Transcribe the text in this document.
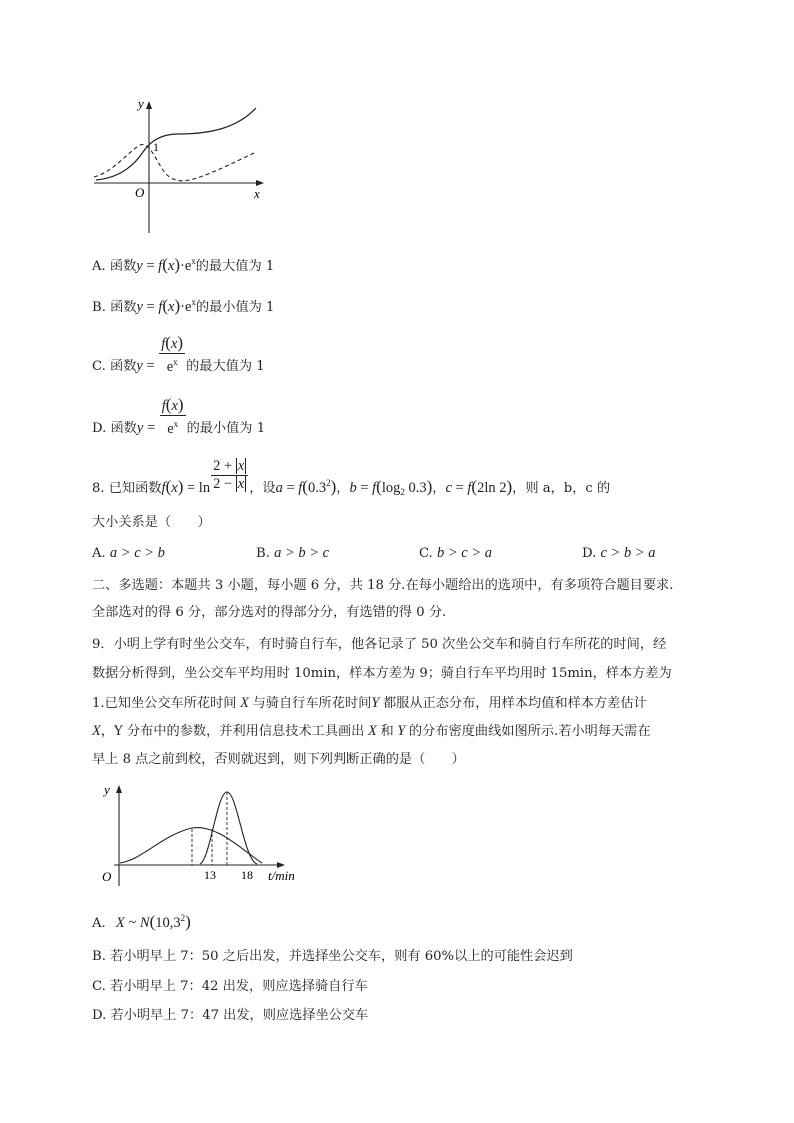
y
x
O
1
A. 函数$y = f(x)\cdot e^x$的最大值为 1
B. 函数$y = f(x)\cdot e^x$的最小值为 1
C. 函数$y = \frac{f(x)}{e^x}$ 的最大值为 1
D. 函数$y = \frac{f(x)}{e^x}$ 的最小值为 1
8. 已知函数$f(x) = \ln \frac{2 + x}{2 - x}$ ，设$a = f(0.3^2)$，$b = f(\log_2$ 0.3)，c = f(2ln 2)，则 a，b，c 的
大小关系是（　　）
A. a > c > b	B. a > b > c	C. b > c > a	D. c > b > a
二、多选题：本题共 3 小题，每小题 6 分，共 18 分.在每小题给出的选项中，有多项符合题目要求.
全部选对的得 6 分，部分选对的得部分分，有选错的得 0 分.
9．小明上学有时坐公交车，有时骑自行车，他各记录了 50 次坐公交车和骑自行车所花的时间，经
数据分析得到，坐公交车平均用时 10min，样本方差为 9；骑自行车平均用时 15min，样本方差为
1.已知坐公交车所花时间 X 与骑自行车所花时间Y 都服从正态分布，用样本均值和样本方差估计
X，Y 分布中的参数，并利用信息技术工具画出 X 和 Y 的分布密度曲线如图所示.若小明每天需在
早上 8 点之前到校，否则就迟到，则下列判断正确的是（　　）
y
O	13 18 t/min
A. X ~ N(10,3$^2$)
B. 若小明早上 7：50 之后出发，并选择坐公交车，则有 60%以上的可能性会迟到
C. 若小明早上 7：42 出发，则应选择骑自行车
D. 若小明早上 7：47 出发，则应选择坐公交车
